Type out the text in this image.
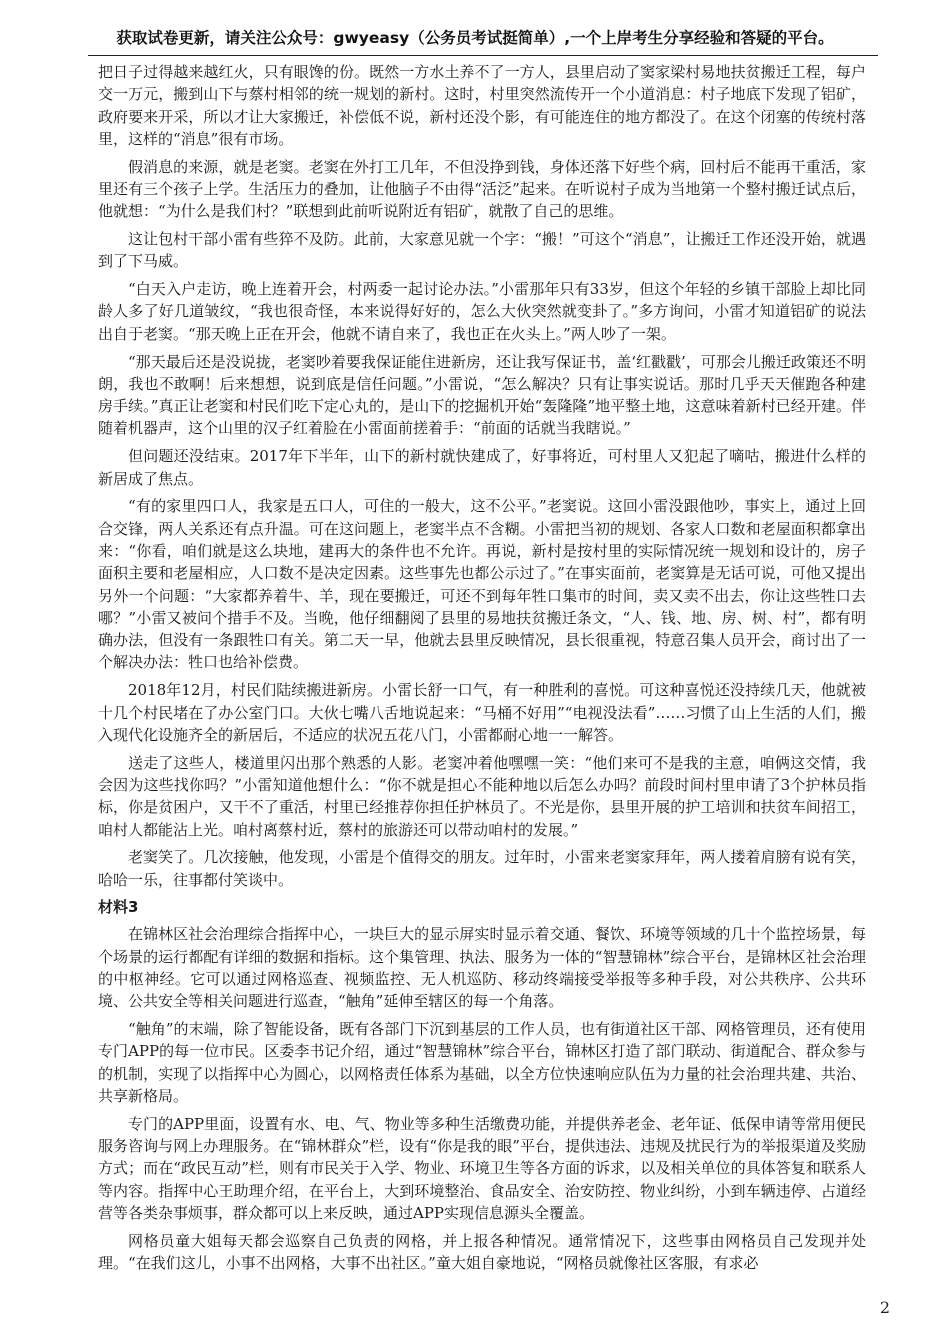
获取试卷更新，请关注公众号：gwyeasy（公务员考试挺简单）,一个上岸考生分享经验和答疑的平台。

把日子过得越来越红火，只有眼馋的份。既然一方水土养不了一方人，县里启动了窦家梁村易地扶贫搬迁工程，每户交一万元，搬到山下与蔡村相邻的统一规划的新村。这时，村里突然流传开一个小道消息：村子地底下发现了铝矿，政府要来开采，所以才让大家搬迁，补偿低不说，新村还没个影，有可能连住的地方都没了。在这个闭塞的传统村落里，这样的“消息”很有市场。

假消息的来源，就是老窦。老窦在外打工几年，不但没挣到钱，身体还落下好些个病，回村后不能再干重活，家里还有三个孩子上学。生活压力的叠加，让他脑子不由得“活泛”起来。在听说村子成为当地第一个整村搬迁试点后，他就想：“为什么是我们村？”联想到此前听说附近有铝矿，就散了自己的思维。

这让包村干部小雷有些猝不及防。此前，大家意见就一个字：“搬！”可这个“消息”，让搬迁工作还没开始，就遇到了下马威。

“白天入户走访，晚上连着开会，村两委一起讨论办法。”小雷那年只有33岁，但这个年轻的乡镇干部脸上却比同龄人多了好几道皱纹，“我也很奇怪，本来说得好好的，怎么大伙突然就变卦了。”多方询问，小雷才知道铝矿的说法出自于老窦。“那天晚上正在开会，他就不请自来了，我也正在火头上。”两人吵了一架。

“那天最后还是没说拢，老窦吵着要我保证能住进新房，还让我写保证书，盖‘红戳戳’，可那会儿搬迁政策还不明朗，我也不敢啊！后来想想，说到底是信任问题。”小雷说，“怎么解决？只有让事实说话。那时几乎天天催跑各种建房手续。”真正让老窦和村民们吃下定心丸的，是山下的挖掘机开始“轰隆隆”地平整土地，这意味着新村已经开建。伴随着机器声，这个山里的汉子红着脸在小雷面前搓着手：“前面的话就当我瞎说。”

但问题还没结束。2017年下半年，山下的新村就快建成了，好事将近，可村里人又犯起了嘀咕，搬进什么样的新居成了焦点。

“有的家里四口人，我家是五口人，可住的一般大，这不公平。”老窦说。这回小雷没跟他吵，事实上，通过上回合交锋，两人关系还有点升温。可在这问题上，老窦半点不含糊。小雷把当初的规划、各家人口数和老屋面积都拿出来：“你看，咱们就是这么块地，建再大的条件也不允许。再说，新村是按村里的实际情况统一规划和设计的，房子面积主要和老屋相应，人口数不是决定因素。这些事先也都公示过了。”在事实面前，老窦算是无话可说，可他又提出另外一个问题：“大家都养着牛、羊，现在要搬迁，可还不到每年牲口集市的时间，卖又卖不出去，你让这些牲口去哪？”小雷又被问个措手不及。当晚，他仔细翻阅了县里的易地扶贫搬迁条文，“人、钱、地、房、树、村”，都有明确办法，但没有一条跟牲口有关。第二天一早，他就去县里反映情况，县长很重视，特意召集人员开会，商讨出了一个解决办法：牲口也给补偿费。

2018年12月，村民们陆续搬进新房。小雷长舒一口气，有一种胜利的喜悦。可这种喜悦还没持续几天，他就被十几个村民堵在了办公室门口。大伙七嘴八舌地说起来：“马桶不好用”“电视没法看”……习惯了山上生活的人们，搬入现代化设施齐全的新居后，不适应的状况五花八门，小雷都耐心地一一解答。

送走了这些人，楼道里闪出那个熟悉的人影。老窦冲着他嘿嘿一笑：“他们来可不是我的主意，咱俩这交情，我会因为这些找你吗？”小雷知道他想什么：“你不就是担心不能种地以后怎么办吗？前段时间村里申请了3个护林员指标，你是贫困户，又干不了重活，村里已经推荐你担任护林员了。不光是你，县里开展的护工培训和扶贫车间招工，咱村人都能沾上光。咱村离蔡村近，蔡村的旅游还可以带动咱村的发展。”

老窦笑了。几次接触，他发现，小雷是个值得交的朋友。过年时，小雷来老窦家拜年，两人搂着肩膀有说有笑，哈哈一乐，往事都付笑谈中。

材料3

在锦林区社会治理综合指挥中心，一块巨大的显示屏实时显示着交通、餐饮、环境等领域的几十个监控场景，每个场景的运行都配有详细的数据和指标。这个集管理、执法、服务为一体的“智慧锦林”综合平台，是锦林区社会治理的中枢神经。它可以通过网格巡查、视频监控、无人机巡防、移动终端接受举报等多种手段，对公共秩序、公共环境、公共安全等相关问题进行巡查，“触角”延伸至辖区的每一个角落。

“触角”的末端，除了智能设备，既有各部门下沉到基层的工作人员，也有街道社区干部、网格管理员，还有使用专门APP的每一位市民。区委李书记介绍，通过“智慧锦林”综合平台，锦林区打造了部门联动、街道配合、群众参与的机制，实现了以指挥中心为圆心，以网格责任体系为基础，以全方位快速响应队伍为力量的社会治理共建、共治、共享新格局。

专门的APP里面，设置有水、电、气、物业等多种生活缴费功能，并提供养老金、老年证、低保申请等常用便民服务咨询与网上办理服务。在“锦林群众”栏，设有“你是我的眼”平台，提供违法、违规及扰民行为的举报渠道及奖励方式；而在“政民互动”栏，则有市民关于入学、物业、环境卫生等各方面的诉求，以及相关单位的具体答复和联系人等内容。指挥中心王助理介绍，在平台上，大到环境整治、食品安全、治安防控、物业纠纷，小到车辆违停、占道经营等各类杂事烦事，群众都可以上来反映，通过APP实现信息源头全覆盖。

网格员童大姐每天都会巡察自己负责的网格，并上报各种情况。通常情况下，这些事由网格员自己发现并处理。“在我们这儿，小事不出网格，大事不出社区。”童大姐自豪地说，“网格员就像社区客服，有求必

2
